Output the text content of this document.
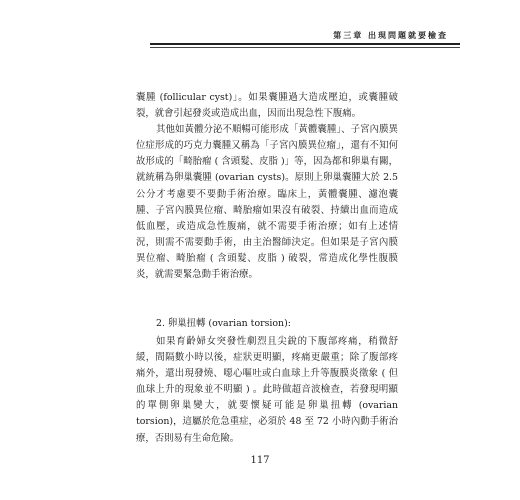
第三章 出現問題就要檢查

囊腫 (follicular cyst)」。如果囊腫過大造成壓迫，或囊腫破裂，就會引起發炎或造成出血，因而出現急性下腹痛。

其他如黃體分泌不順暢可能形成「黃體囊腫」、子宮內膜異位症形成的巧克力囊腫又稱為「子宮內膜異位瘤」，還有不知何故形成的「畸胎瘤 ( 含頭髮、皮脂 )」等，因為都和卵巢有關，就統稱為卵巢囊腫 (ovarian cysts)。原則上卵巢囊腫大於 2.5 公分才考慮要不要動手術治療。臨床上，黃體囊腫、濾泡囊腫、子宮內膜異位瘤、畸胎瘤如果沒有破裂、持續出血而造成低血壓，或造成急性腹痛，就不需要手術治療；如有上述情況，則需不需要動手術，由主治醫師決定。但如果是子宮內膜異位瘤、畸胎瘤 ( 含頭髮、皮脂 ) 破裂，常造成化學性腹膜炎，就需要緊急動手術治療。

2. 卵巢扭轉 (ovarian torsion):

如果育齡婦女突發性劇烈且尖銳的下腹部疼痛，稍微舒緩，間隔數小時以後，症狀更明顯，疼痛更嚴重；除了腹部疼痛外，還出現發燒、噁心嘔吐或白血球上升等腹膜炎徵象 ( 但血球上升的現象並不明顯 ) 。此時做超音波檢查，若發現明顯的單側卵巢變大，就要懷疑可能是卵巢扭轉 (ovarian torsion)，這屬於危急重症，必須於 48 至 72 小時內動手術治療，否則易有生命危險。

117
